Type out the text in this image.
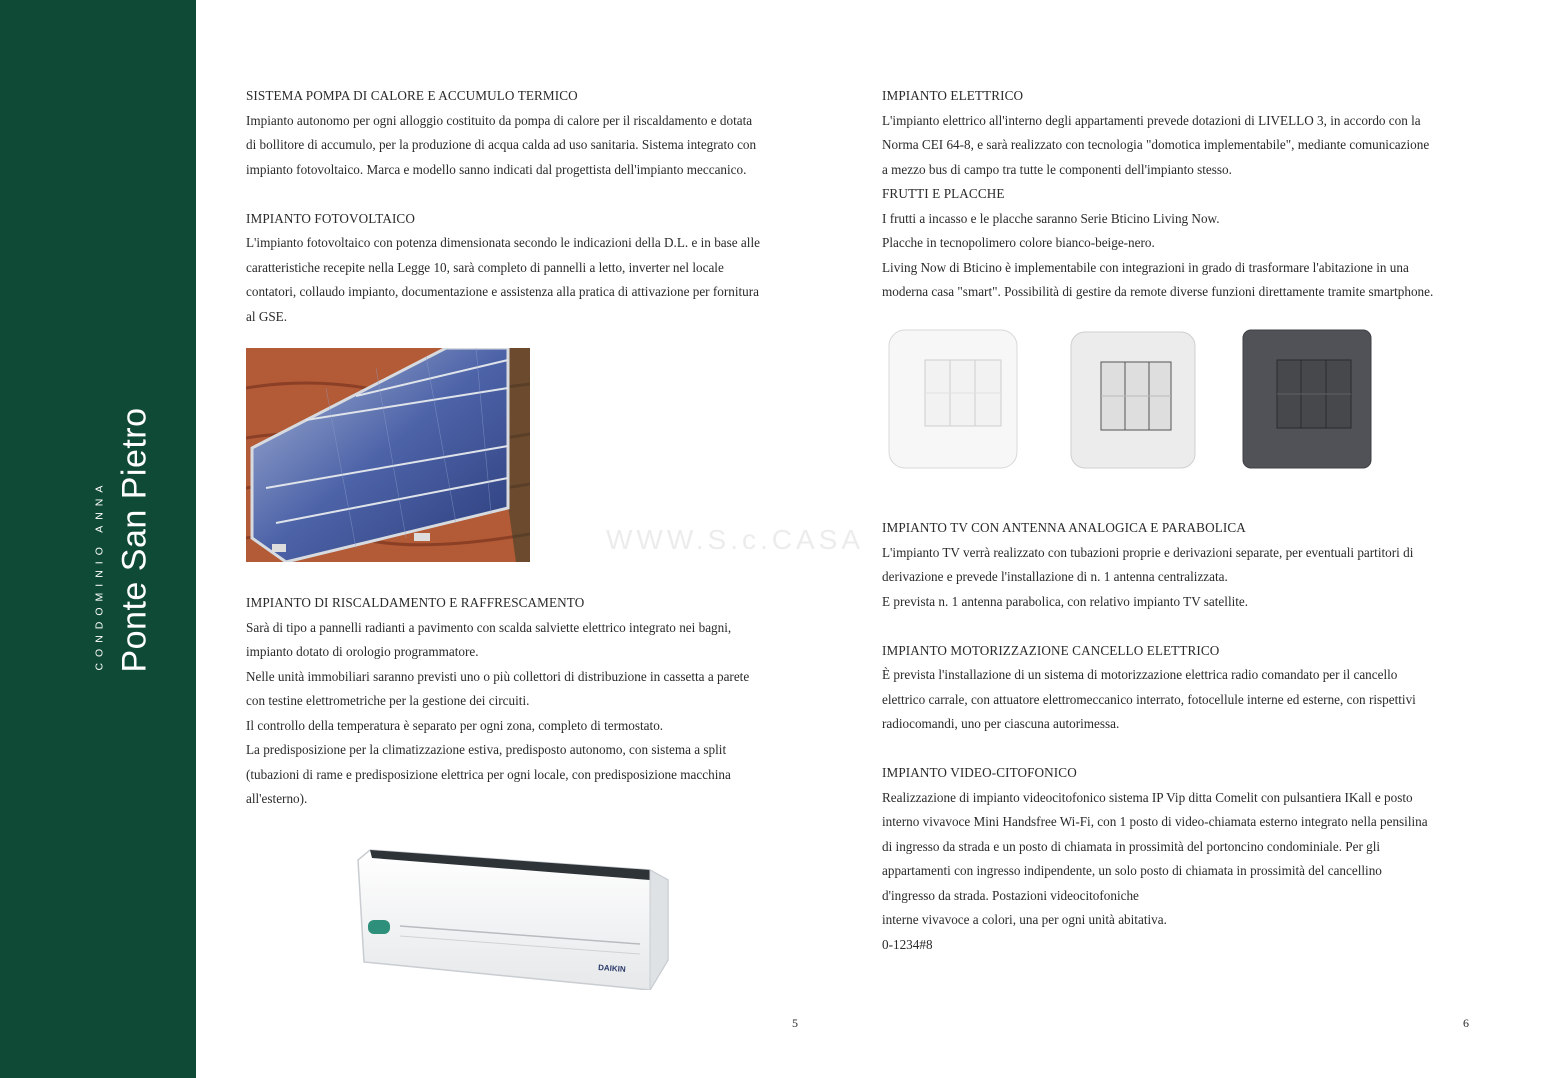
CONDOMINIO ANNA Ponte San Pietro

SISTEMA POMPA DI CALORE E ACCUMULO TERMICO

Impianto autonomo per ogni alloggio costituito da pompa di calore per il riscaldamento e dotata

di bollitore di accumulo, per la produzione di acqua calda ad uso sanitaria. Sistema integrato con

impianto fotovoltaico. Marca e modello sanno indicati dal progettista dell'impianto meccanico.

IMPIANTO FOTOVOLTAICO

L'impianto fotovoltaico con potenza dimensionata secondo le indicazioni della D.L. e in base alle

caratteristiche recepite nella Legge 10, sarà completo di pannelli a letto, inverter nel locale

contatori, collaudo impianto, documentazione e assistenza alla pratica di attivazione per fornitura

al GSE.

IMPIANTO DI RISCALDAMENTO E RAFFRESCAMENTO

Sarà di tipo a pannelli radianti a pavimento con scalda salviette elettrico integrato nei bagni,

impianto dotato di orologio programmatore.

Nelle unità immobiliari saranno previsti uno o più collettori di distribuzione in cassetta a parete

con testine elettrometriche per la gestione dei circuiti.

Il controllo della temperatura è separato per ogni zona, completo di termostato.

La predisposizione per la climatizzazione estiva, predisposto autonomo, con sistema a split

(tubazioni di rame e predisposizione elettrica per ogni locale, con predisposizione macchina

all'esterno).

DAIKIN
5

IMPIANTO ELETTRICO

L'impianto elettrico all'interno degli appartamenti prevede dotazioni di LIVELLO 3, in accordo con la

Norma CEI 64-8, e sarà realizzato con tecnologia "domotica implementabile", mediante comunicazione

a mezzo bus di campo tra tutte le componenti dell'impianto stesso.

FRUTTI E PLACCHE

I frutti a incasso e le placche saranno Serie Bticino Living Now.

Placche in tecnopolimero colore bianco-beige-nero.

Living Now di Bticino è implementabile con integrazioni in grado di trasformare l'abitazione in una

moderna casa "smart". Possibilità di gestire da remote diverse funzioni direttamente tramite smartphone.

IMPIANTO TV CON ANTENNA ANALOGICA E PARABOLICA

L'impianto TV verrà realizzato con tubazioni proprie e derivazioni separate, per eventuali partitori di

derivazione e prevede l'installazione di n. 1 antenna centralizzata.

E prevista n. 1 antenna parabolica, con relativo impianto TV satellite.

IMPIANTO MOTORIZZAZIONE CANCELLO ELETTRICO

È prevista l'installazione di un sistema di motorizzazione elettrica radio comandato per il cancello

elettrico carrale, con attuatore elettromeccanico interrato, fotocellule interne ed esterne, con rispettivi

radiocomandi, uno per ciascuna autorimessa.

IMPIANTO VIDEO-CITOFONICO

Realizzazione di impianto videocitofonico sistema IP Vip ditta Comelit con pulsantiera IKall e posto

interno vivavoce Mini Handsfree Wi-Fi, con 1 posto di video-chiamata esterno integrato nella pensilina

di ingresso da strada e un posto di chiamata in prossimità del portoncino condominiale. Per gli

appartamenti con ingresso indipendente, un solo posto di chiamata in prossimità del cancellino

d'ingresso da strada. Postazioni videocitofoniche

interne vivavoce a colori, una per ogni unità abitativa.

0-1234#8

6
WWW.S.c.CASA
